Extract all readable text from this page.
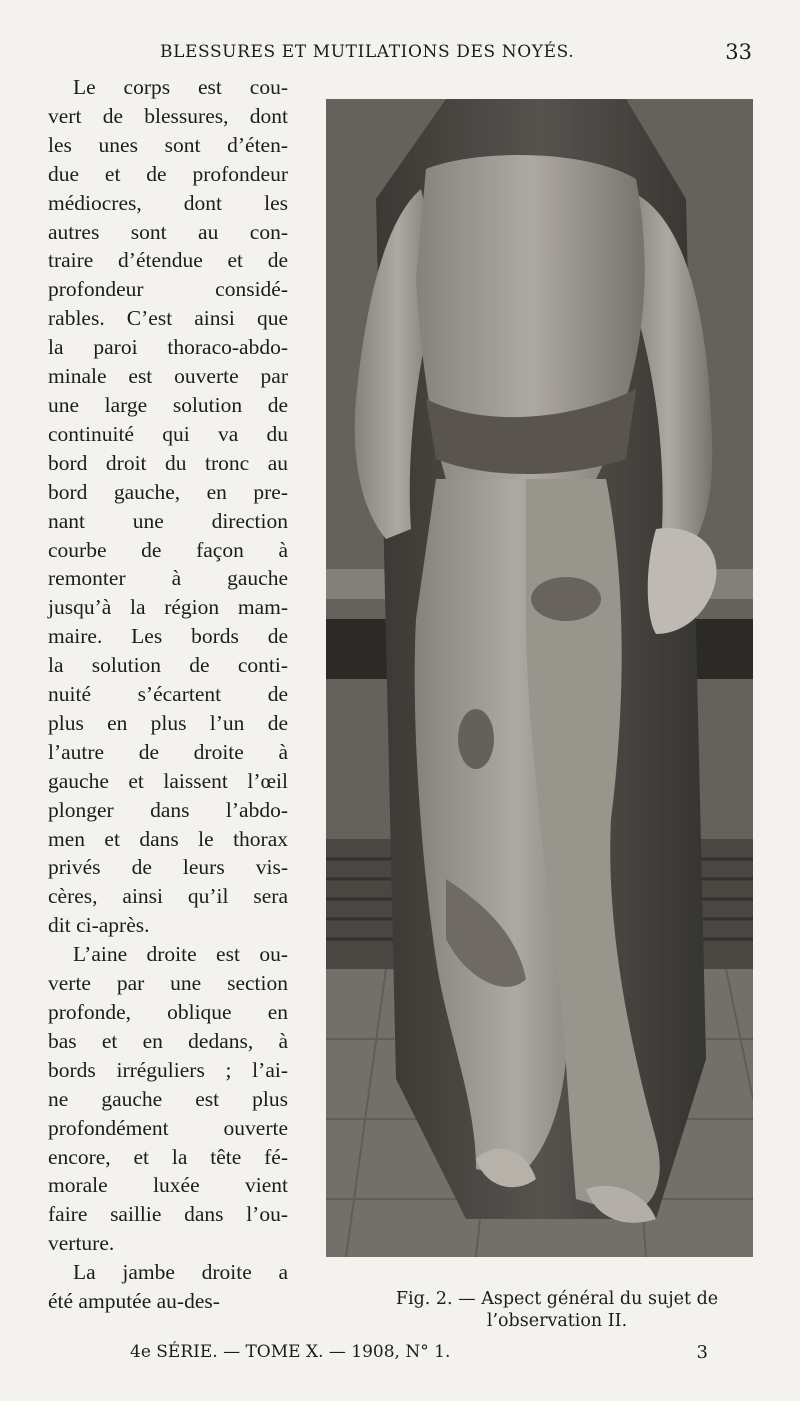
BLESSURES ET MUTILATIONS DES NOYÉS.	33

Le corps est cou-
vert de blessures, dont
les unes sont d’éten-
due et de profondeur
médiocres, dont les
autres sont au con-
traire d’étendue et de
profondeur considé-
rables. C’est ainsi que
la paroi thoraco-abdo-
minale est ouverte par
une large solution de
continuité qui va du
bord droit du tronc au
bord gauche, en pre-
nant une direction
courbe de façon à
remonter à gauche
jusqu’à la région mam-
maire. Les bords de
la solution de conti-
nuité s’écartent de
plus en plus l’un de
l’autre de droite à
gauche et laissent l’œil
plonger dans l’abdo-
men et dans le thorax
privés de leurs vis-
cères, ainsi qu’il sera
dit ci-après.

L’aine droite est ou-
verte par une section
profonde, oblique en
bas et en dedans, à
bords irréguliers ; l’ai-
ne gauche est plus
profondément ouverte
encore, et la tête fé-
morale luxée vient
faire saillie dans l’ou-
verture.

La jambe droite a
été amputée au-des-	Fig. 2. — Aspect général du sujet de
l’observation II.
4e SÉRIE. — TOME X. — 1908, N° 1.	3
